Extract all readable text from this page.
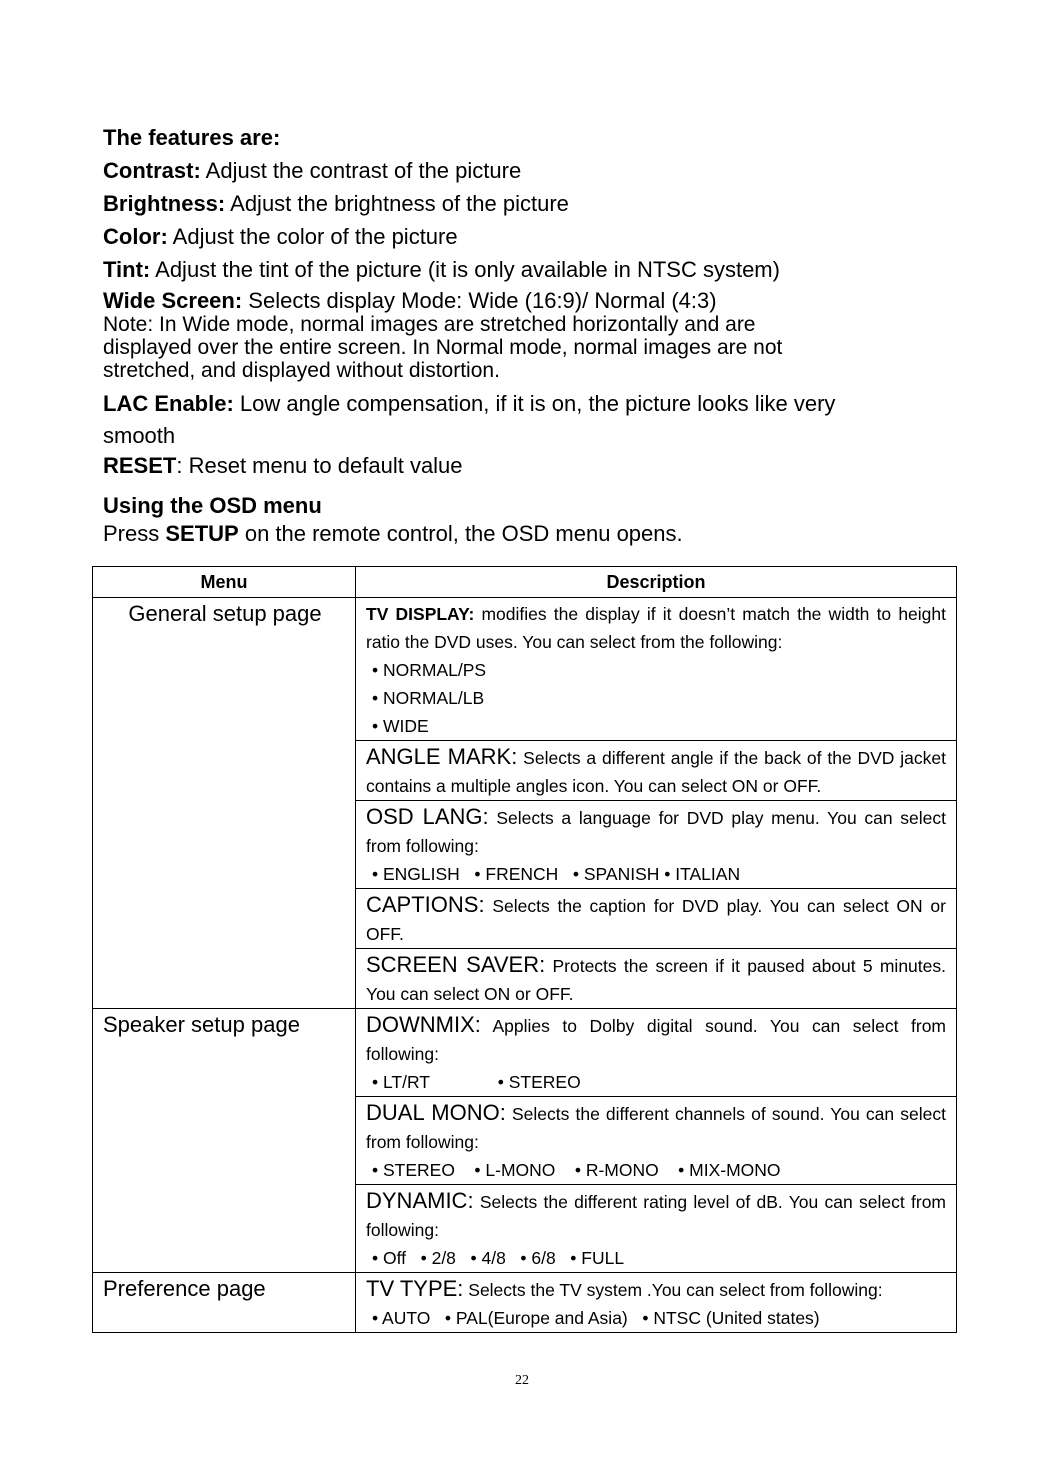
The features are:
Contrast: Adjust the contrast of the picture
Brightness: Adjust the brightness of the picture
Color: Adjust the color of the picture
Tint: Adjust the tint of the picture (it is only available in NTSC system)
Wide Screen: Selects display Mode: Wide (16:9)/ Normal (4:3)
Note: In Wide mode, normal images are stretched horizontally and are
displayed over the entire screen. In Normal mode, normal images are not
stretched, and displayed without distortion.
LAC Enable: Low angle compensation, if it is on, the picture looks like very
smooth
RESET: Reset menu to default value
Using the OSD menu
Press SETUP on the remote control, the OSD menu opens.
Menu	Description
General setup page	TV DISPLAY: modifies the display if it doesn’t match the width to height ratio the DVD uses. You can select from the following:
• NORMAL/PS
• NORMAL/LB
• WIDE

	ANGLE MARK: Selects a different angle if the back of the DVD jacket contains a multiple angles icon. You can select ON or OFF.
	OSD LANG: Selects a language for DVD play menu. You can select from following:
• ENGLISH   • FRENCH   • SPANISH • ITALIAN

	CAPTIONS: Selects the caption for DVD play. You can select ON or OFF.
	SCREEN SAVER: Protects the screen if it paused about 5 minutes. You can select ON or OFF.
Speaker setup page	DOWNMIX: Applies to Dolby digital sound. You can select from following:
• LT/RT              • STEREO

	DUAL MONO: Selects the different channels of sound. You can select from following:
• STEREO    • L-MONO    • R-MONO    • MIX-MONO

	DYNAMIC: Selects the different rating level of dB. You can select from following:
• Off   • 2/8   • 4/8   • 6/8   • FULL

Preference page	TV TYPE: Selects the TV system .You can select from following:
• AUTO   • PAL(Europe and Asia)   • NTSC (United states)
22
